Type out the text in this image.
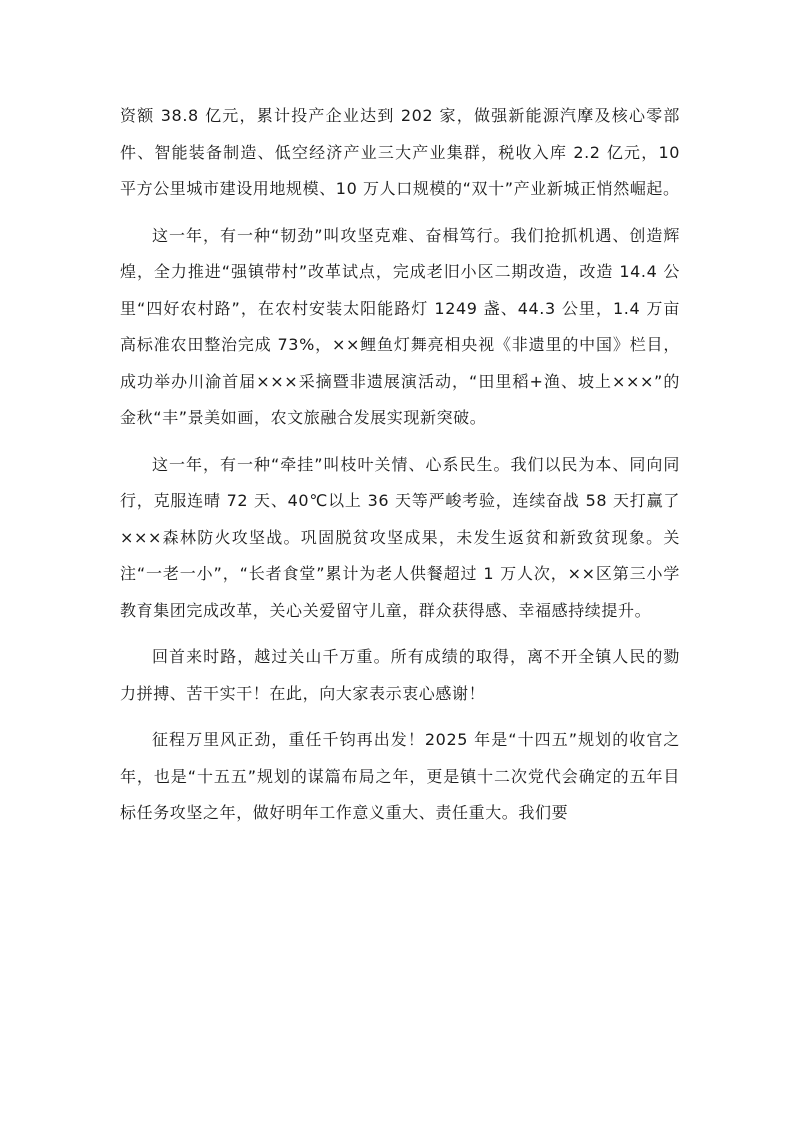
资额 38.8 亿元，累计投产企业达到 202 家，做强新能源汽摩及核心零部件、智能装备制造、低空经济产业三大产业集群，税收入库 2.2 亿元，10 平方公里城市建设用地规模、10 万人口规模的“双十”产业新城正悄然崛起。

这一年，有一种“韧劲”叫攻坚克难、奋楫笃行。我们抢抓机遇、创造辉煌，全力推进“强镇带村”改革试点，完成老旧小区二期改造，改造 14.4 公里“四好农村路”，在农村安装太阳能路灯 1249 盏、44.3 公里，1.4 万亩高标准农田整治完成 73%，××鲤鱼灯舞亮相央视《非遗里的中国》栏目，成功举办川渝首届×××采摘暨非遗展演活动，“田里稻+渔、坡上×××”的金秋“丰”景美如画，农文旅融合发展实现新突破。

这一年，有一种“牵挂”叫枝叶关情、心系民生。我们以民为本、同向同行，克服连晴 72 天、40℃以上 36 天等严峻考验，连续奋战 58 天打赢了×××森林防火攻坚战。巩固脱贫攻坚成果，未发生返贫和新致贫现象。关注“一老一小”，“长者食堂”累计为老人供餐超过 1 万人次，××区第三小学教育集团完成改革，关心关爱留守儿童，群众获得感、幸福感持续提升。

回首来时路，越过关山千万重。所有成绩的取得，离不开全镇人民的勠力拼搏、苦干实干！在此，向大家表示衷心感谢！

征程万里风正劲，重任千钧再出发！2025 年是“十四五”规划的收官之年，也是“十五五”规划的谋篇布局之年，更是镇十二次党代会确定的五年目标任务攻坚之年，做好明年工作意义重大、责任重大。我们要
